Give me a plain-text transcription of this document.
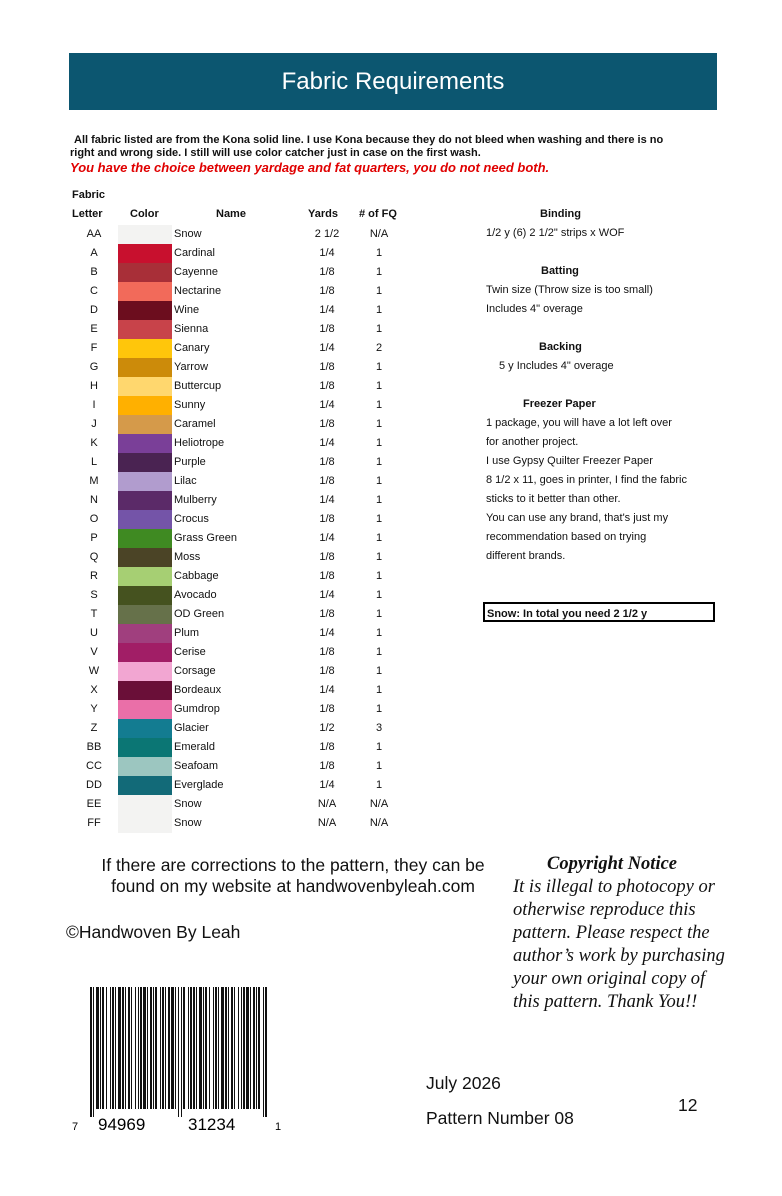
Fabric Requirements
All fabric listed are from the Kona solid line. I use Kona because they do not bleed when washing and there is no
right and wrong side. I still will use color catcher just in case on the first wash.
You have the choice between yardage and fat quarters, you do not need both.
Fabric
Letter Color	Name	Yards # of FQ
AA	Snow	2 1/2	N/A
A	Cardinal	1/4	1
B	Cayenne	1/8	1
C	Nectarine	1/8	1
D	Wine	1/4	1
E	Sienna	1/8	1
F	Canary	1/4	2
G	Yarrow	1/8	1
H	Buttercup	1/8	1
I	Sunny	1/4	1
J	Caramel	1/8	1
K	Heliotrope	1/4	1
L	Purple	1/8	1
M	Lilac	1/8	1
N	Mulberry	1/4	1
O	Crocus	1/8	1
P	Grass Green	1/4	1
Q	Moss	1/8	1
R	Cabbage	1/8	1
S	Avocado	1/4	1
T	OD Green	1/8	1
U	Plum	1/4	1
V	Cerise	1/8	1
W	Corsage	1/8	1
X	Bordeaux	1/4	1
Y	Gumdrop	1/8	1
Z	Glacier	1/2	3
BB	Emerald	1/8	1
CC	Seafoam	1/8	1
DD	Everglade	1/4	1
EE	Snow	N/A	N/A
FF	Snow	N/A	N/A
Binding
1/2 y (6) 2 1/2" strips x WOF
Batting
Twin size (Throw size is too small)
Includes 4" overage
Backing
5 y Includes 4" overage
Freezer Paper
1 package, you will have a lot left over
for another project.
I use Gypsy Quilter Freezer Paper
8 1/2 x 11, goes in printer, I find the fabric
sticks to it better than other.
You can use any brand, that's just my
recommendation based on trying
different brands.
Snow: In total you need 2 1/2 y
If there are corrections to the pattern, they can be
found on my website at handwovenbyleah.com
©Handwoven By Leah
Copyright Notice
It is illegal to photocopy or otherwise reproduce this pattern. Please respect the author’s work by purchasing your own original copy of this pattern. Thank You!!
7 94969	31234	1
July 2026
Pattern Number 08
12
